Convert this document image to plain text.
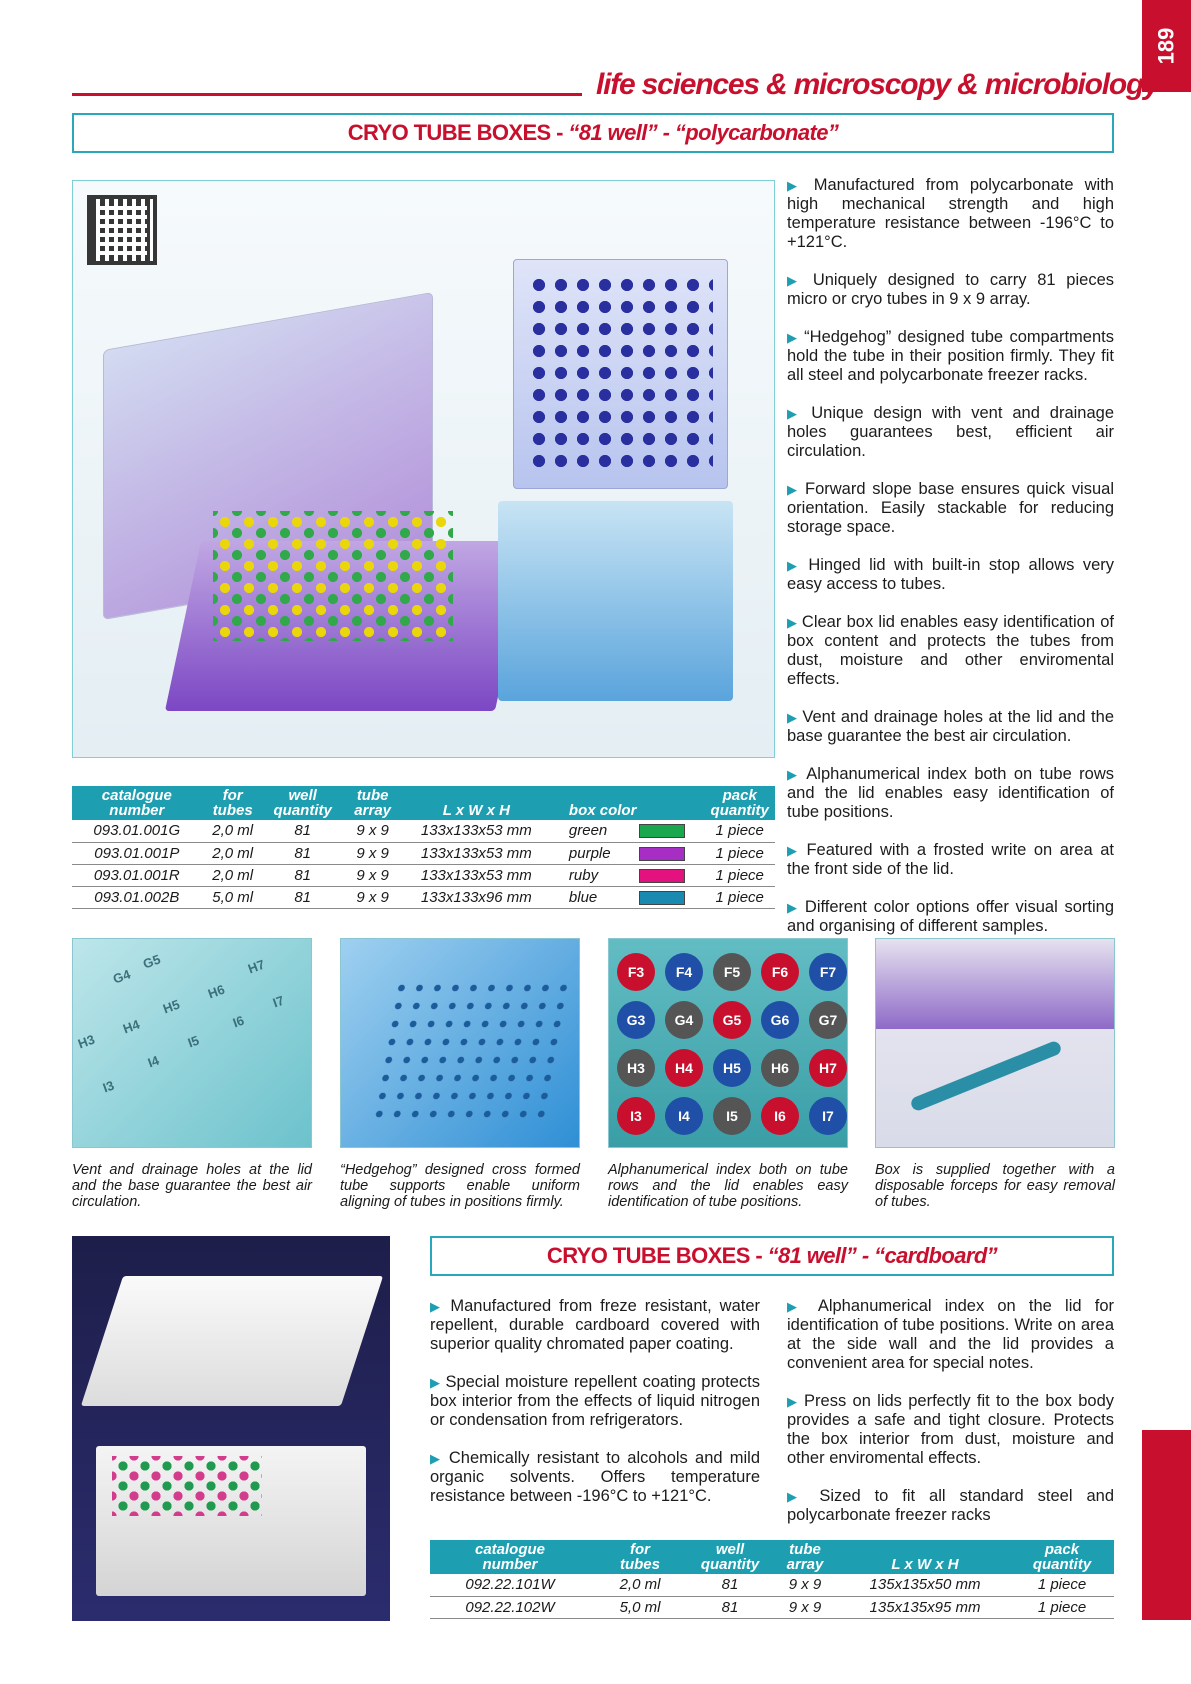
189
life sciences & microscopy & microbiology
CRYO TUBE BOXES -
“81 well” - “polycarbonate”
catalogue
number	for
tubes	well
quantity	tube
array	L x W x H	box color	pack
quantity
093.01.001G	2,0 ml	81	9 x 9	133x133x53 mm	green	1 piece
093.01.001P	2,0 ml	81	9 x 9	133x133x53 mm	purple	1 piece
093.01.001R	2,0 ml	81	9 x 9	133x133x53 mm	ruby	1 piece
093.01.002B	5,0 ml	81	9 x 9	133x133x96 mm	blue	1 piece

▶ Manufactured from polycarbonate with high mechanical strength and high temperature resistance between -196°C to +121°C.

▶ Uniquely designed to carry 81 pieces micro or cryo tubes in 9 x 9 array.

▶ “Hedgehog” designed tube compartments hold the tube in their position firmly. They fit all steel and polycarbonate freezer racks.

▶ Unique design with vent and drainage holes guarantees best, efficient air circulation.

▶ Forward slope base ensures quick visual orientation. Easily stackable for reducing storage space.

▶ Hinged lid with built-in stop allows very easy access to tubes.

▶ Clear box lid enables easy identification of box content and protects the tubes from dust, moisture and other enviromental effects.

▶ Vent and drainage holes at the lid and the base guarantee the best air circulation.

▶ Alphanumerical index both on tube rows and the lid enables easy identification of tube positions.

▶ Featured with a frosted write on area at the front side of the lid.

▶ Different color options offer visual sorting and organising of different samples.

G4
G5
H3
H4
H5
H6
H7
I3
I4
I5
I6
I7
F3	F4	F5	F6	F7
G3	G4	G5	G6	G7
H3	H4	H5	H6	H7
I3	I4	I5	I6	I7
Vent and drainage holes at the lid and the base guarantee the best air circulation.
“Hedgehog” designed cross formed tube supports enable uniform aligning of tubes in positions firmly.
Alphanumerical index both on tube rows and the lid enables easy identification of tube positions.
Box is supplied together with a disposable forceps for easy removal of tubes.
CRYO TUBE BOXES -
“81 well” - “cardboard”

▶ Manufactured from freze resistant, water repellent, durable cardboard covered with superior quality chromated paper coating.

▶ Special moisture repellent coating protects box interior from the effects of liquid nitrogen or condensation from refrigerators.

▶ Chemically resistant to alcohols and mild organic solvents. Offers temperature resistance between -196°C to +121°C.

▶ Alphanumerical index on the lid for identification of tube positions. Write on area at the side wall and the lid provides a convenient area for special notes.

▶ Press on lids perfectly fit to the box body provides a safe and tight closure. Protects the box interior from dust, moisture and other enviromental effects.

▶ Sized to fit all standard steel and polycarbonate freezer racks

catalogue
number	for
tubes	well
quantity	tube
array	L x W x H	pack
quantity
092.22.101W	2,0 ml	81	9 x 9	135x135x50 mm	1 piece
092.22.102W	5,0 ml	81	9 x 9	135x135x95 mm	1 piece
